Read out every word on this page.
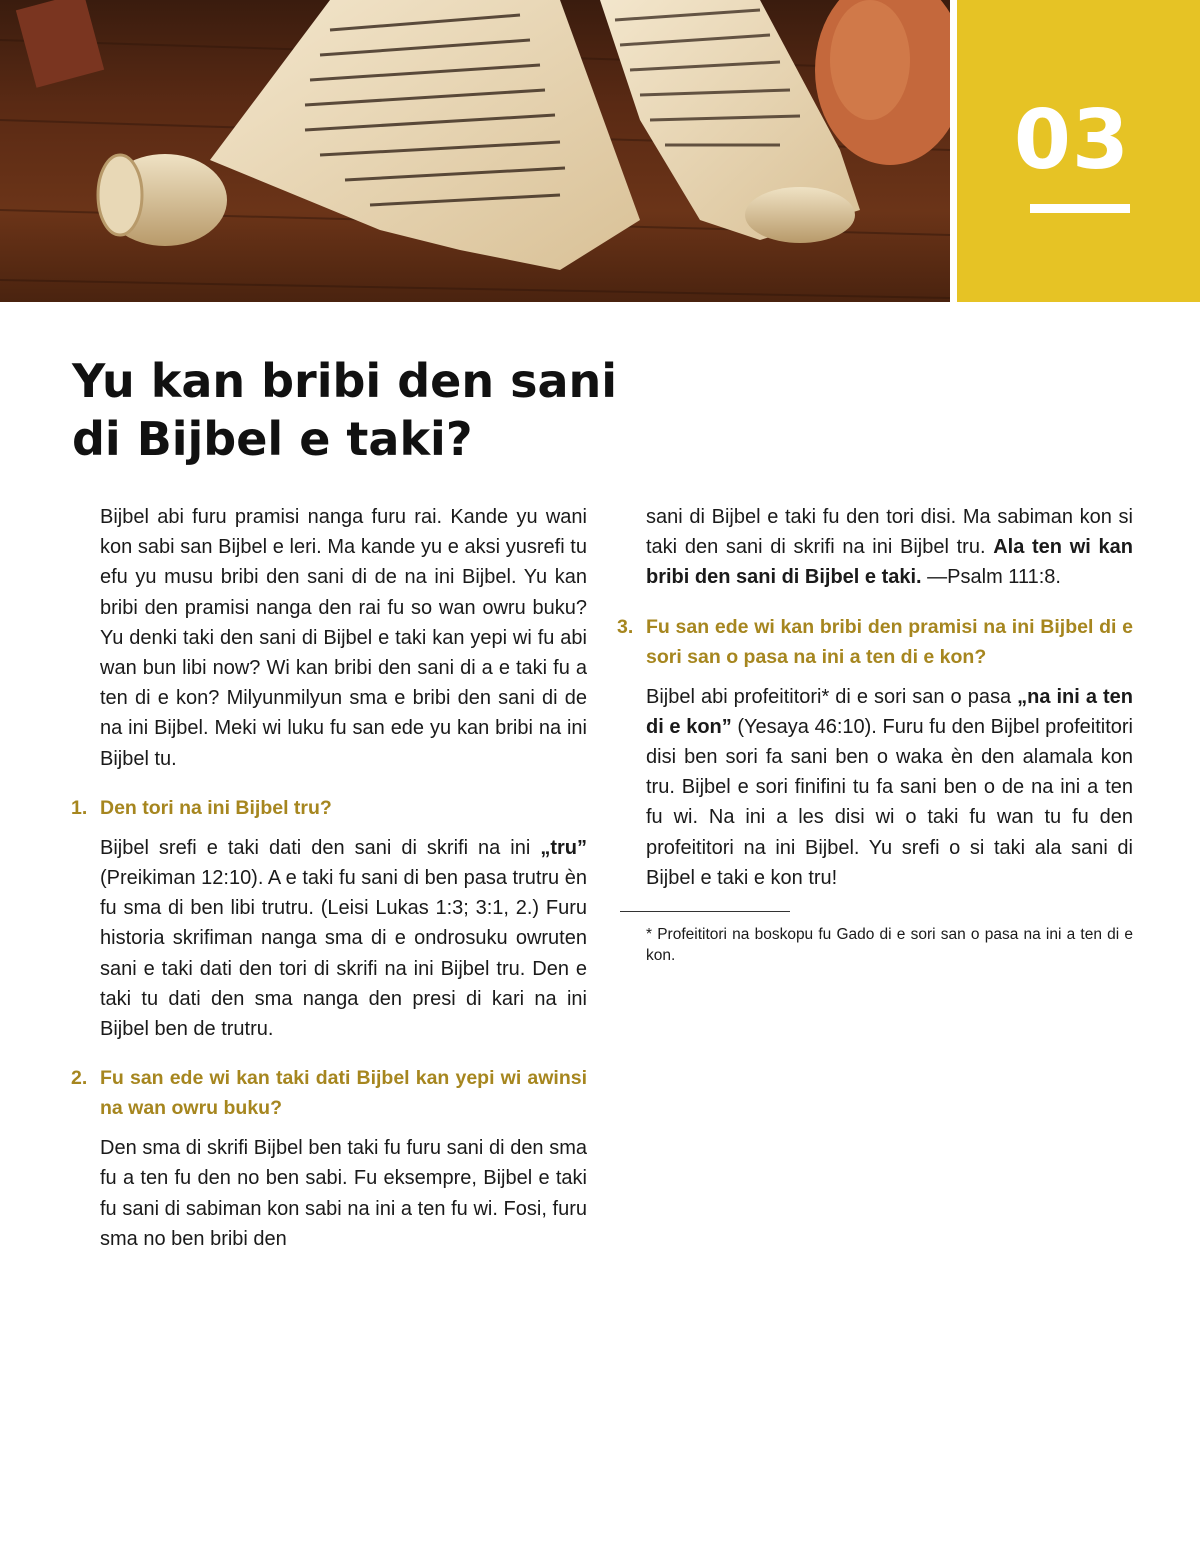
03
Yu kan bribi den sani di Bijbel e taki?

Bijbel abi furu pramisi nanga furu rai. Kande yu wani kon sabi san Bijbel e leri. Ma kande yu e aksi yusrefi tu efu yu musu bribi den sani di de na ini Bijbel. Yu kan bribi den pramisi nanga den rai fu so wan owru buku? Yu denki taki den sani di Bijbel e taki kan yepi wi fu abi wan bun libi now? Wi kan bribi den sani di a e taki fu a ten di e kon? Milyunmilyun sma e bribi den sani di de na ini Bijbel. Meki wi luku fu san ede yu kan bribi na ini Bijbel tu.

1. Den tori na ini Bijbel tru?

Bijbel srefi e taki dati den sani di skrifi na ini „tru” (Preikiman 12:10). A e taki fu sani di ben pasa trutru èn fu sma di ben libi trutru. (Leisi Lukas 1:3; 3:1, 2.) Furu historia skrifiman nanga sma di e ondrosuku owruten sani e taki dati den tori di skrifi na ini Bijbel tru. Den e taki tu dati den sma nanga den presi di kari na ini Bijbel ben de trutru.

2. Fu san ede wi kan taki dati Bijbel kan yepi wi awinsi na wan owru buku?

Den sma di skrifi Bijbel ben taki fu furu sani di den sma fu a ten fu den no ben sabi. Fu eksempre, Bijbel e taki fu sani di sabiman kon sabi na ini a ten fu wi. Fosi, furu sma no ben bribi den

sani di Bijbel e taki fu den tori disi. Ma sabiman kon si taki den sani di skrifi na ini Bijbel tru. Ala ten wi kan bribi den sani di Bijbel e taki. —Psalm 111:8.

3. Fu san ede wi kan bribi den pramisi na ini Bijbel di e sori san o pasa na ini a ten di e kon?

Bijbel abi profeititori* di e sori san o pasa „na ini a ten di e kon” (Yesaya 46:10). Furu fu den Bijbel profeititori disi ben sori fa sani ben o waka èn den alamala kon tru. Bijbel e sori finifini tu fa sani ben o de na ini a ten fu wi. Na ini a les disi wi o taki fu wan tu fu den profeititori na ini Bijbel. Yu srefi o si taki ala sani di Bijbel e taki e kon tru!

* Profeititori na boskopu fu Gado di e sori san o pasa na ini a ten di e kon.
